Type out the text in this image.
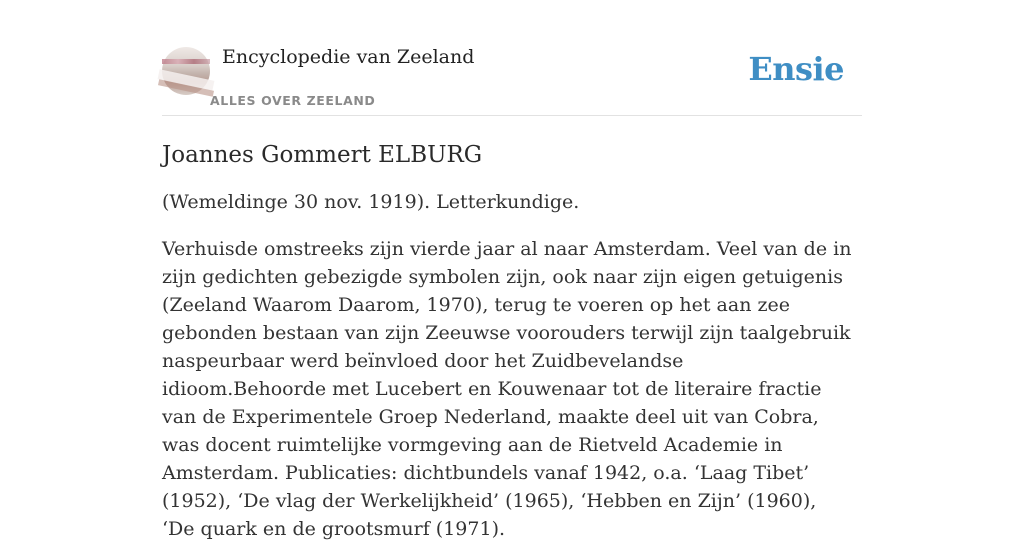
Encyclopedie van Zeeland
ALLES OVER ZEELAND
Ensie
Joannes Gommert ELBURG

(Wemeldinge 30 nov. 1919). Letterkundige.

Verhuisde omstreeks zijn vierde jaar al naar Amsterdam. Veel van de in zijn gedichten gebezigde symbolen zijn, ook naar zijn eigen getuigenis (Zeeland Waarom Daarom, 1970), terug te voeren op het aan zee gebonden bestaan van zijn Zeeuwse voorouders terwijl zijn taalgebruik naspeurbaar werd beïnvloed door het Zuidbevelandse idioom.Behoorde met Lucebert en Kouwenaar tot de literaire fractie van de Experimentele Groep Nederland, maakte deel uit van Cobra, was docent ruimtelijke vormgeving aan de Rietveld Academie in Amsterdam. Publicaties: dichtbundels vanaf 1942, o.a. ‘Laag Tibet’ (1952), ‘De vlag der Werkelijkheid’ (1965), ‘Hebben en Zijn’ (1960), ‘De quark en de grootsmurf (1971).
